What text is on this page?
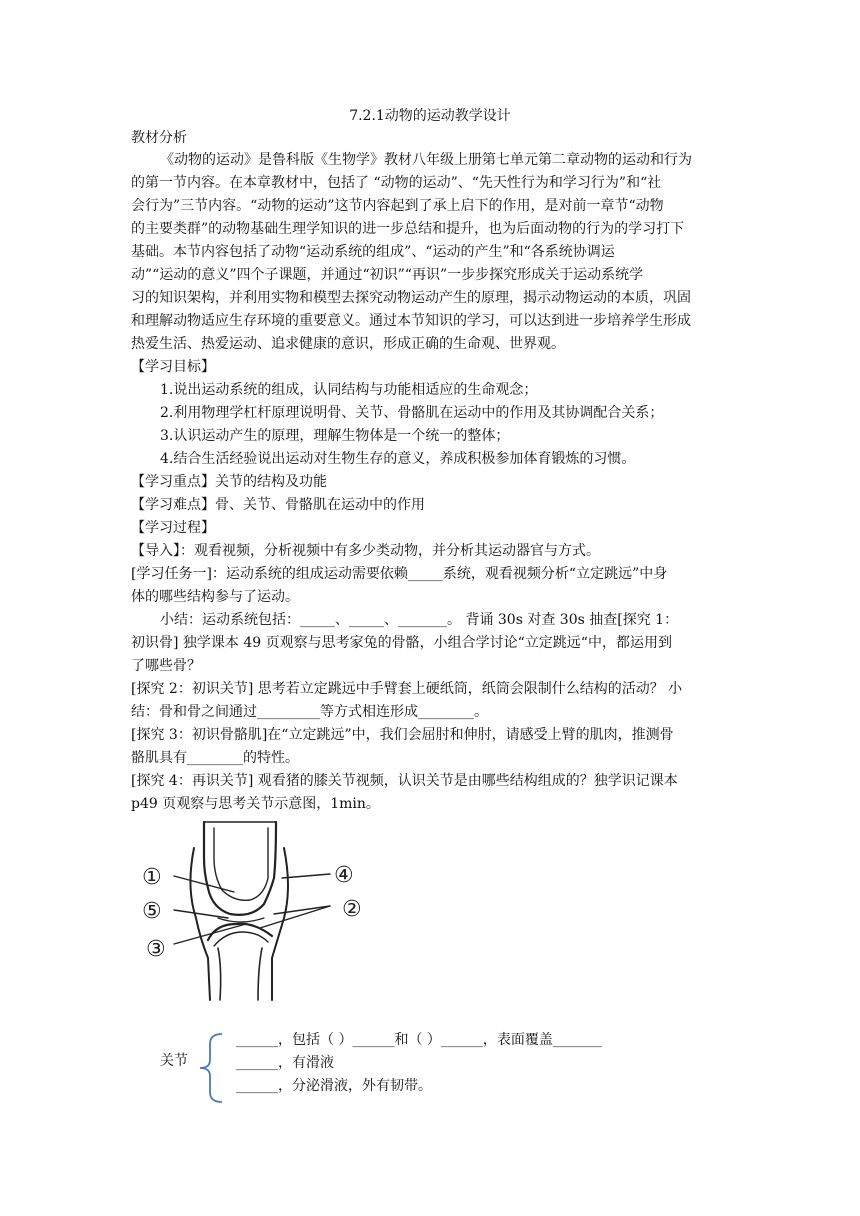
7.2.1动物的运动教学设计
教材分析
《动物的运动》是鲁科版《生物学》教材八年级上册第七单元第二章动物的运动和行为
的第一节内容。在本章教材中，包括了 “动物的运动”、“先天性行为和学习行为”和“社
会行为”三节内容。“动物的运动”这节内容起到了承上启下的作用，是对前一章节“动物
的主要类群”的动物基础生理学知识的进一步总结和提升，也为后面动物的行为的学习打下
基础。本节内容包括了动物“运动系统的组成”、“运动的产生”和“各系统协调运
动”“运动的意义”四个子课题，并通过“初识”“再识”一步步探究形成关于运动系统学
习的知识架构，并利用实物和模型去探究动物运动产生的原理，揭示动物运动的本质，巩固
和理解动物适应生存环境的重要意义。通过本节知识的学习，可以达到进一步培养学生形成
热爱生活、热爱运动、追求健康的意识，形成正确的生命观、世界观。
【学习目标】
1.说出运动系统的组成，认同结构与功能相适应的生命观念；
2.利用物理学杠杆原理说明骨、关节、骨骼肌在运动中的作用及其协调配合关系；
3.认识运动产生的原理，理解生物体是一个统一的整体；
4.结合生活经验说出运动对生物生存的意义，养成积极参加体育锻炼的习惯。
【学习重点】关节的结构及功能
【学习难点】骨、关节、骨骼肌在运动中的作用
【学习过程】
【导入】：观看视频，分析视频中有多少类动物，并分析其运动器官与方式。
[学习任务一]：运动系统的组成运动需要依赖_____系统，观看视频分析“立定跳远”中身
体的哪些结构参与了运动。
小结：运动系统包括：_____、_____、_______。 背诵 30s 对查 30s 抽查[探究 1：
初识骨] 独学课本 49 页观察与思考家兔的骨骼，小组合学讨论“立定跳远“中，都运用到
了哪些骨？
[探究 2：初识关节] 思考若立定跳远中手臂套上硬纸筒，纸筒会限制什么结构的活动？ 小
结：骨和骨之间通过_________等方式相连形成________。
[探究 3：初识骨骼肌]在“立定跳远”中，我们会屈肘和伸肘，请感受上臂的肌肉，推测骨
骼肌具有________的特性。
[探究 4：再识关节] 观看猪的膝关节视频，认识关节是由哪些结构组成的？独学识记课本
p49 页观察与思考关节示意图，1min。
①
②
③
④
⑤
关节
______，包括（ ）______和（ ）______，表面覆盖_______
______，有滑液
______，分泌滑液，外有韧带。
